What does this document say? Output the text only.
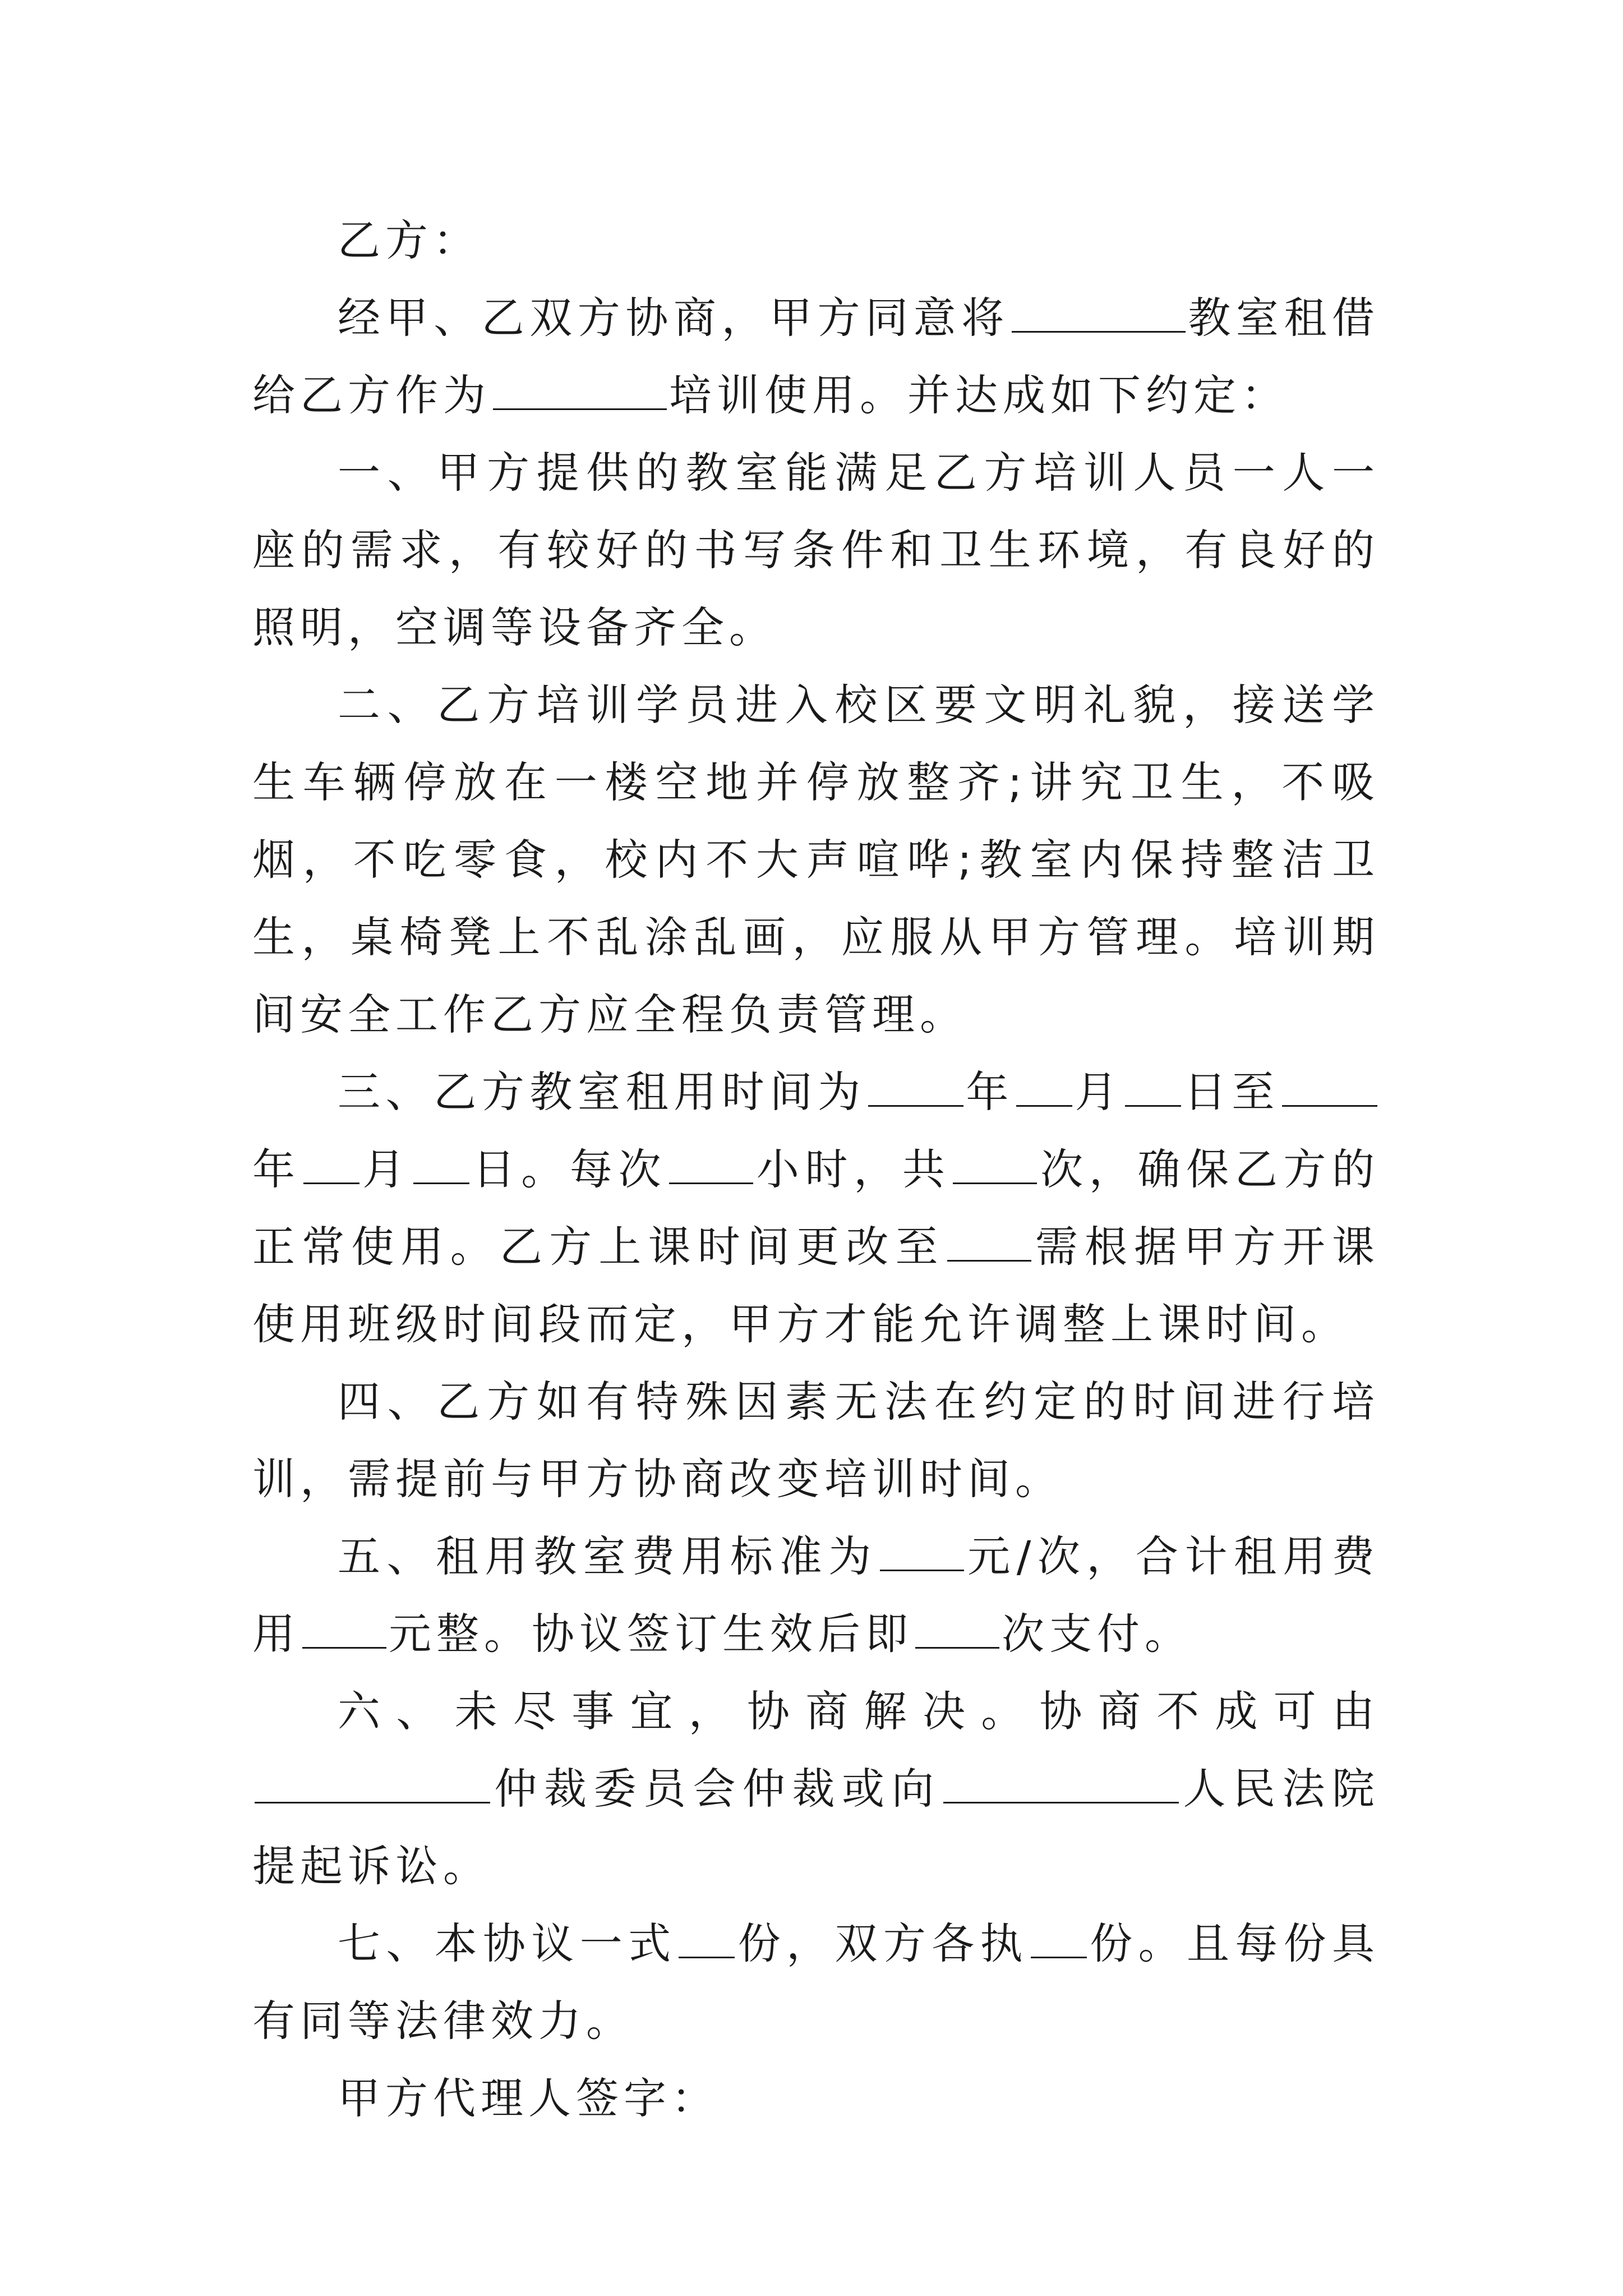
乙方：

经甲、乙双方协商，甲方同意将	教室租借给乙方作为	培训使用。并达成如下约定：

一、甲方提供的教室能满足乙方培训人员一人一座的需求，有较好的书写条件和卫生环境，有良好的照明，空调等设备齐全。

二、乙方培训学员进入校区要文明礼貌，接送学生车辆停放在一楼空地并停放整齐;讲究卫生，不吸烟，不吃零食，校内不大声喧哗;教室内保持整洁卫生，桌椅凳上不乱涂乱画，应服从甲方管理。培训期间安全工作乙方应全程负责管理。

三、乙方教室租用时间为 年 月 日至年 月 日。每次 小时，共 次，确保乙方的正常使用。乙方上课时间更改至 需根据甲方开课使用班级时间段而定，甲方才能允许调整上课时间。

四、乙方如有特殊因素无法在约定的时间进行培训，需提前与甲方协商改变培训时间。

五、租用教室费用标准为 元/次，合计租用费用 元整。协议签订生效后即 次支付。

六、未尽事宜，协商解决。协商不成可由仲裁委员会仲裁或向	人民法院提起诉讼。

七、本协议一式 份，双方各执 份。且每份具有同等法律效力。

甲方代理人签字：
